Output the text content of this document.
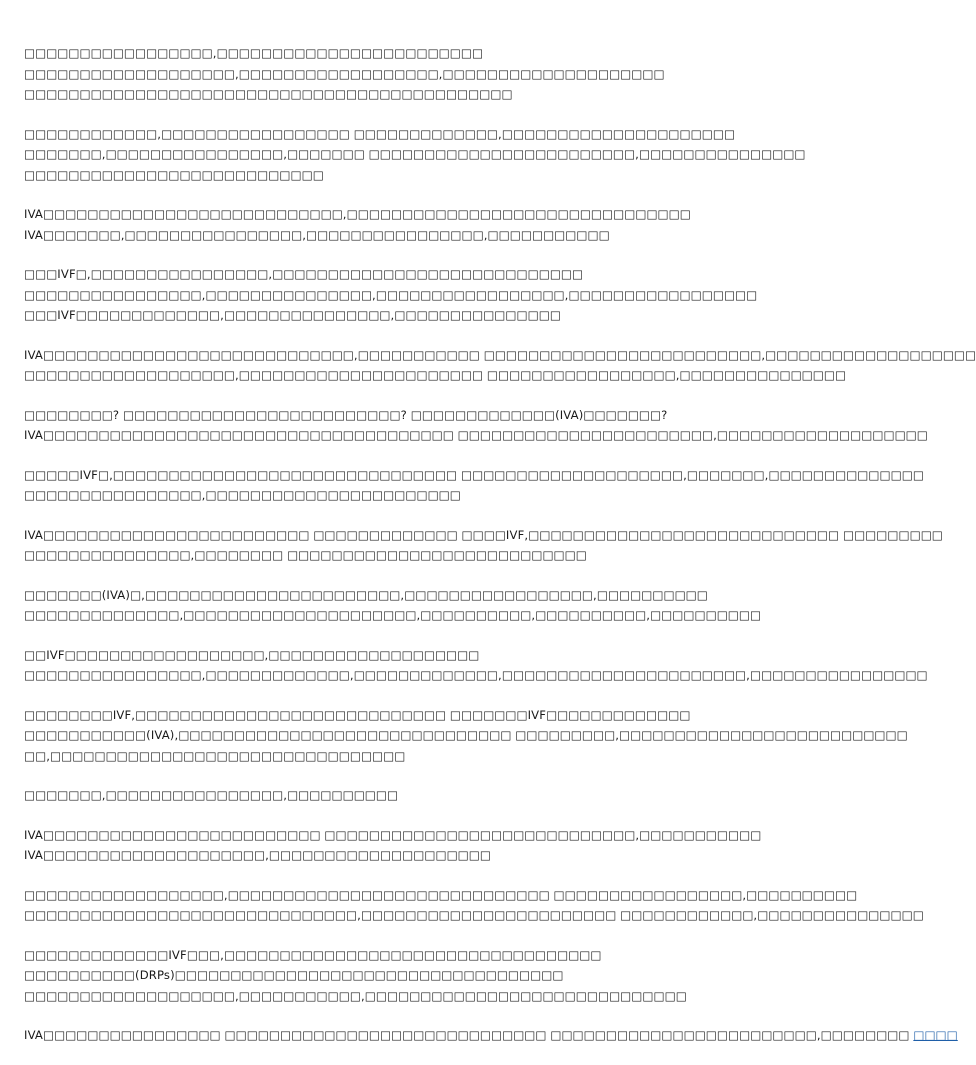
□□□□□□□□□□□□□□□□□,□□□□□□□□□□□□□□□□□□□□□□□□
□□□□□□□□□□□□□□□□□□□,□□□□□□□□□□□□□□□□□□,□□□□□□□□□□□□□□□□□□□□
□□□□□□□□□□□□□□□□□□□□□□□□□□□□□□□□□□□□□□□□□□□□
□□□□□□□□□□□□,□□□□□□□□□□□□□□□□□ □□□□□□□□□□□□□,□□□□□□□□□□□□□□□□□□□□□
□□□□□□□,□□□□□□□□□□□□□□□□,□□□□□□□ □□□□□□□□□□□□□□□□□□□□□□□□,□□□□□□□□□□□□□□□
□□□□□□□□□□□□□□□□□□□□□□□□□□□
IVA□□□□□□□□□□□□□□□□□□□□□□□□□□□,□□□□□□□□□□□□□□□□□□□□□□□□□□□□□□□
IVA□□□□□□□,□□□□□□□□□□□□□□□□,□□□□□□□□□□□□□□□□,□□□□□□□□□□□
□□□IVF□,□□□□□□□□□□□□□□□□,□□□□□□□□□□□□□□□□□□□□□□□□□□□□
□□□□□□□□□□□□□□□□,□□□□□□□□□□□□□□□,□□□□□□□□□□□□□□□□□,□□□□□□□□□□□□□□□□□
□□□IVF□□□□□□□□□□□□□,□□□□□□□□□□□□□□□,□□□□□□□□□□□□□□□
IVA□□□□□□□□□□□□□□□□□□□□□□□□□□□□,□□□□□□□□□□□ □□□□□□□□□□□□□□□□□□□□□□□□□,□□□□□□□□□□□□□□□□□□□
□□□□□□□□□□□□□□□□□□□,□□□□□□□□□□□□□□□□□□□□□□ □□□□□□□□□□□□□□□□□,□□□□□□□□□□□□□□□
□□□□□□□□? □□□□□□□□□□□□□□□□□□□□□□□□□? □□□□□□□□□□□□□(IVA)□□□□□□□?
IVA□□□□□□□□□□□□□□□□□□□□□□□□□□□□□□□□□□□□□ □□□□□□□□□□□□□□□□□□□□□□□,□□□□□□□□□□□□□□□□□□□
□□□□□IVF□,□□□□□□□□□□□□□□□□□□□□□□□□□□□□□□□ □□□□□□□□□□□□□□□□□□□□,□□□□□□□,□□□□□□□□□□□□□□
□□□□□□□□□□□□□□□□,□□□□□□□□□□□□□□□□□□□□□□□
IVA□□□□□□□□□□□□□□□□□□□□□□□□ □□□□□□□□□□□□□ □□□□IVF,□□□□□□□□□□□□□□□□□□□□□□□□□□□□ □□□□□□□□□
□□□□□□□□□□□□□□□,□□□□□□□□ □□□□□□□□□□□□□□□□□□□□□□□□□□□
□□□□□□□(IVA)□,□□□□□□□□□□□□□□□□□□□□□□□,□□□□□□□□□□□□□□□□□,□□□□□□□□□□
□□□□□□□□□□□□□□,□□□□□□□□□□□□□□□□□□□□□,□□□□□□□□□□,□□□□□□□□□□,□□□□□□□□□□
□□IVF□□□□□□□□□□□□□□□□□□,□□□□□□□□□□□□□□□□□□□
□□□□□□□□□□□□□□□□,□□□□□□□□□□□□□,□□□□□□□□□□□□□,□□□□□□□□□□□□□□□□□□□□□□,□□□□□□□□□□□□□□□□
□□□□□□□□IVF,□□□□□□□□□□□□□□□□□□□□□□□□□□□□ □□□□□□□IVF□□□□□□□□□□□□□
□□□□□□□□□□□(IVA),□□□□□□□□□□□□□□□□□□□□□□□□□□□□□□ □□□□□□□□□,□□□□□□□□□□□□□□□□□□□□□□□□□□
□□,□□□□□□□□□□□□□□□□□□□□□□□□□□□□□□□□
□□□□□□□,□□□□□□□□□□□□□□□□,□□□□□□□□□□
IVA□□□□□□□□□□□□□□□□□□□□□□□□□ □□□□□□□□□□□□□□□□□□□□□□□□□□□□,□□□□□□□□□□□
IVA□□□□□□□□□□□□□□□□□□□□,□□□□□□□□□□□□□□□□□□□□
□□□□□□□□□□□□□□□□□□,□□□□□□□□□□□□□□□□□□□□□□□□□□□□□ □□□□□□□□□□□□□□□□□,□□□□□□□□□□
□□□□□□□□□□□□□□□□□□□□□□□□□□□□□□,□□□□□□□□□□□□□□□□□□□□□□□ □□□□□□□□□□□□,□□□□□□□□□□□□□□□
□□□□□□□□□□□□□IVF□□□,□□□□□□□□□□□□□□□□□□□□□□□□□□□□□□□□□□
□□□□□□□□□□(DRPs)□□□□□□□□□□□□□□□□□□□□□□□□□□□□□□□□□□□
□□□□□□□□□□□□□□□□□□□,□□□□□□□□□□□,□□□□□□□□□□□□□□□□□□□□□□□□□□□□□
IVA□□□□□□□□□□□□□□□□ □□□□□□□□□□□□□□□□□□□□□□□□□□□□□ □□□□□□□□□□□□□□□□□□□□□□□□,□□□□□□□□ □□□□
